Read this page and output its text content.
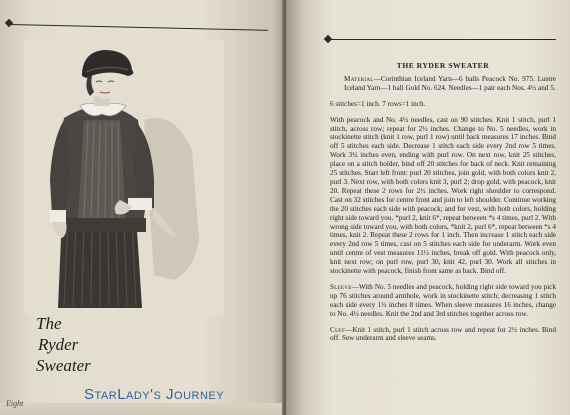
The
Ryder
Sweater
Eight
StarLady's Journey
THE RYDER SWEATER
Material—Corinthian Iceland Yarn—6 balls Peacock No. 975. Lustre Iceland Yarn—1 ball Gold No. 624. Needles—1 pair each Nos. 4½ and 5.
6 stitches=1 inch. 7 rows=1 inch.

With peacock and No. 4½ needles, cast on 90 stitches. Knit 1 stitch, purl 1 stitch, across row; repeat for 2½ inches. Change to No. 5 needles, work in stockinette stitch (knit 1 row, purl 1 row) until back measures 17 inches. Bind off 5 stitches each side. Decrease 1 stitch each side every 2nd row 5 times. Work 3½ inches even, ending with purl row. On next row, knit 25 stitches, place on a stitch holder, bind off 20 stitches for back of neck. Knit remaining 25 stitches. Start left front: purl 20 stitches, join gold, with both colors knit 2, purl 3. Next row, with both colors knit 3, purl 2; drop gold, with peacock, knit 20. Repeat these 2 rows for 2½ inches. Work right shoulder to correspond. Cast on 32 stitches for centre front and join to left shoulder. Continue working the 20 stitches each side with peacock; and for vest, with both colors, holding right side toward you. *purl 2, knit 6*, repeat between *s 4 times, purl 2. With wrong side toward you, with both colors, *knit 2, purl 6*, repeat between *s 4 times, knit 2. Repeat these 2 rows for 1 inch. Then increase 1 stitch each side every 2nd row 5 times, cast on 5 stitches each side for underarm. Work even until centre of vest measures 11½ inches, break off gold. With peacock only, knit next row; on purl row, purl 30, knit 42, purl 30. Work all stitches in stockinette with peacock, finish front same as back. Bind off.

Sleeve—With No. 5 needles and peacock, holding right side toward you pick up 76 stitches around armhole, work in stockinette stitch; decreasing 1 stitch each side every 1½ inches 8 times. When sleeve measures 16 inches, change to No. 4½ needles. Knit the 2nd and 3rd stitches together across row.

Cuff—Knit 1 stitch, purl 1 stitch across row and repeat for 2½ inches. Bind off. Sew underarm and sleeve seams.
